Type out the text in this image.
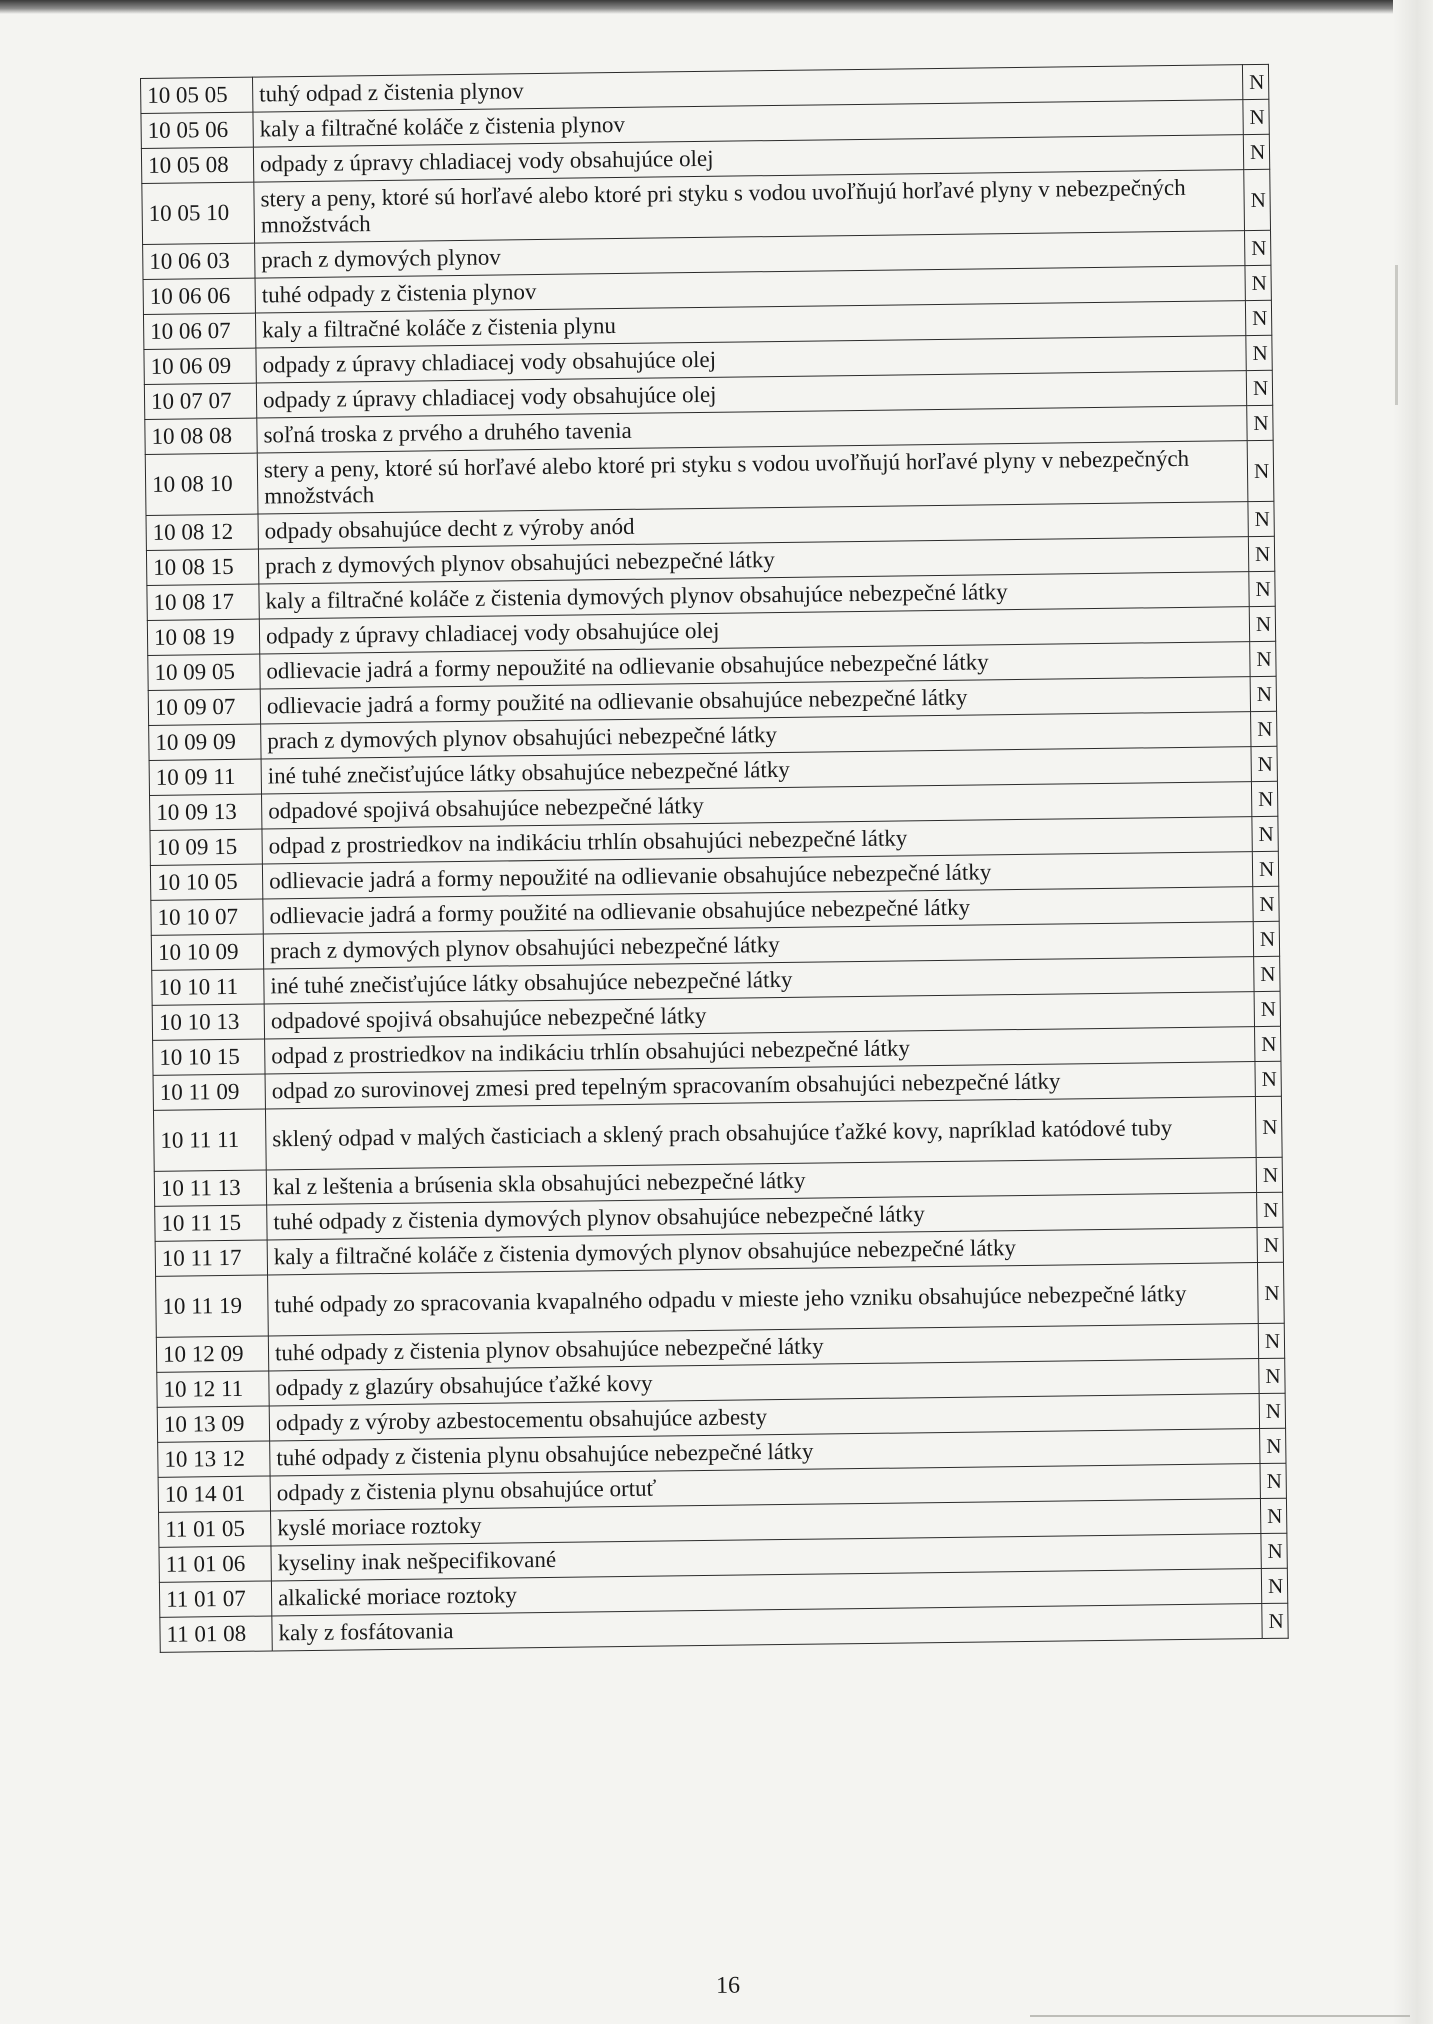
10 05 05	tuhý odpad z čistenia plynov	N
10 05 06	kaly a filtračné koláče z čistenia plynov	N
10 05 08	odpady z úpravy chladiacej vody obsahujúce olej	N
10 05 10	stery a peny, ktoré sú horľavé alebo ktoré pri styku s vodou uvoľňujú horľavé plyny v nebezpečných množstvách	N
10 06 03	prach z dymových plynov	N
10 06 06	tuhé odpady z čistenia plynov	N
10 06 07	kaly a filtračné koláče z čistenia plynu	N
10 06 09	odpady z úpravy chladiacej vody obsahujúce olej	N
10 07 07	odpady z úpravy chladiacej vody obsahujúce olej	N
10 08 08	soľná troska z prvého a druhého tavenia	N
10 08 10	stery a peny, ktoré sú horľavé alebo ktoré pri styku s vodou uvoľňujú horľavé plyny v nebezpečných množstvách	N
10 08 12	odpady obsahujúce decht z výroby anód	N
10 08 15	prach z dymových plynov obsahujúci nebezpečné látky	N
10 08 17	kaly a filtračné koláče z čistenia dymových plynov obsahujúce nebezpečné látky	N
10 08 19	odpady z úpravy chladiacej vody obsahujúce olej	N
10 09 05	odlievacie jadrá a formy nepoužité na odlievanie obsahujúce nebezpečné látky	N
10 09 07	odlievacie jadrá a formy použité na odlievanie obsahujúce nebezpečné látky	N
10 09 09	prach z dymových plynov obsahujúci nebezpečné látky	N
10 09 11	iné tuhé znečisťujúce látky obsahujúce nebezpečné látky	N
10 09 13	odpadové spojivá obsahujúce nebezpečné látky	N
10 09 15	odpad z prostriedkov na indikáciu trhlín obsahujúci nebezpečné látky	N
10 10 05	odlievacie jadrá a formy nepoužité na odlievanie obsahujúce nebezpečné látky	N
10 10 07	odlievacie jadrá a formy použité na odlievanie obsahujúce nebezpečné látky	N
10 10 09	prach z dymových plynov obsahujúci nebezpečné látky	N
10 10 11	iné tuhé znečisťujúce látky obsahujúce nebezpečné látky	N
10 10 13	odpadové spojivá obsahujúce nebezpečné látky	N
10 10 15	odpad z prostriedkov na indikáciu trhlín obsahujúci nebezpečné látky	N
10 11 09	odpad zo surovinovej zmesi pred tepelným spracovaním obsahujúci nebezpečné látky	N
10 11 11	sklený odpad v malých časticiach a sklený prach obsahujúce ťažké kovy, napríklad katódové tuby	N
10 11 13	kal z leštenia a brúsenia skla obsahujúci nebezpečné látky	N
10 11 15	tuhé odpady z čistenia dymových plynov obsahujúce nebezpečné látky	N
10 11 17	kaly a filtračné koláče z čistenia dymových plynov obsahujúce nebezpečné látky	N
10 11 19	tuhé odpady zo spracovania kvapalného odpadu v mieste jeho vzniku obsahujúce nebezpečné látky	N
10 12 09	tuhé odpady z čistenia plynov obsahujúce nebezpečné látky	N
10 12 11	odpady z glazúry obsahujúce ťažké kovy	N
10 13 09	odpady z výroby azbestocementu obsahujúce azbesty	N
10 13 12	tuhé odpady z čistenia plynu obsahujúce nebezpečné látky	N
10 14 01	odpady z čistenia plynu obsahujúce ortuť	N
11 01 05	kyslé moriace roztoky	N
11 01 06	kyseliny inak nešpecifikované	N
11 01 07	alkalické moriace roztoky	N
11 01 08	kaly z fosfátovania	N
16
